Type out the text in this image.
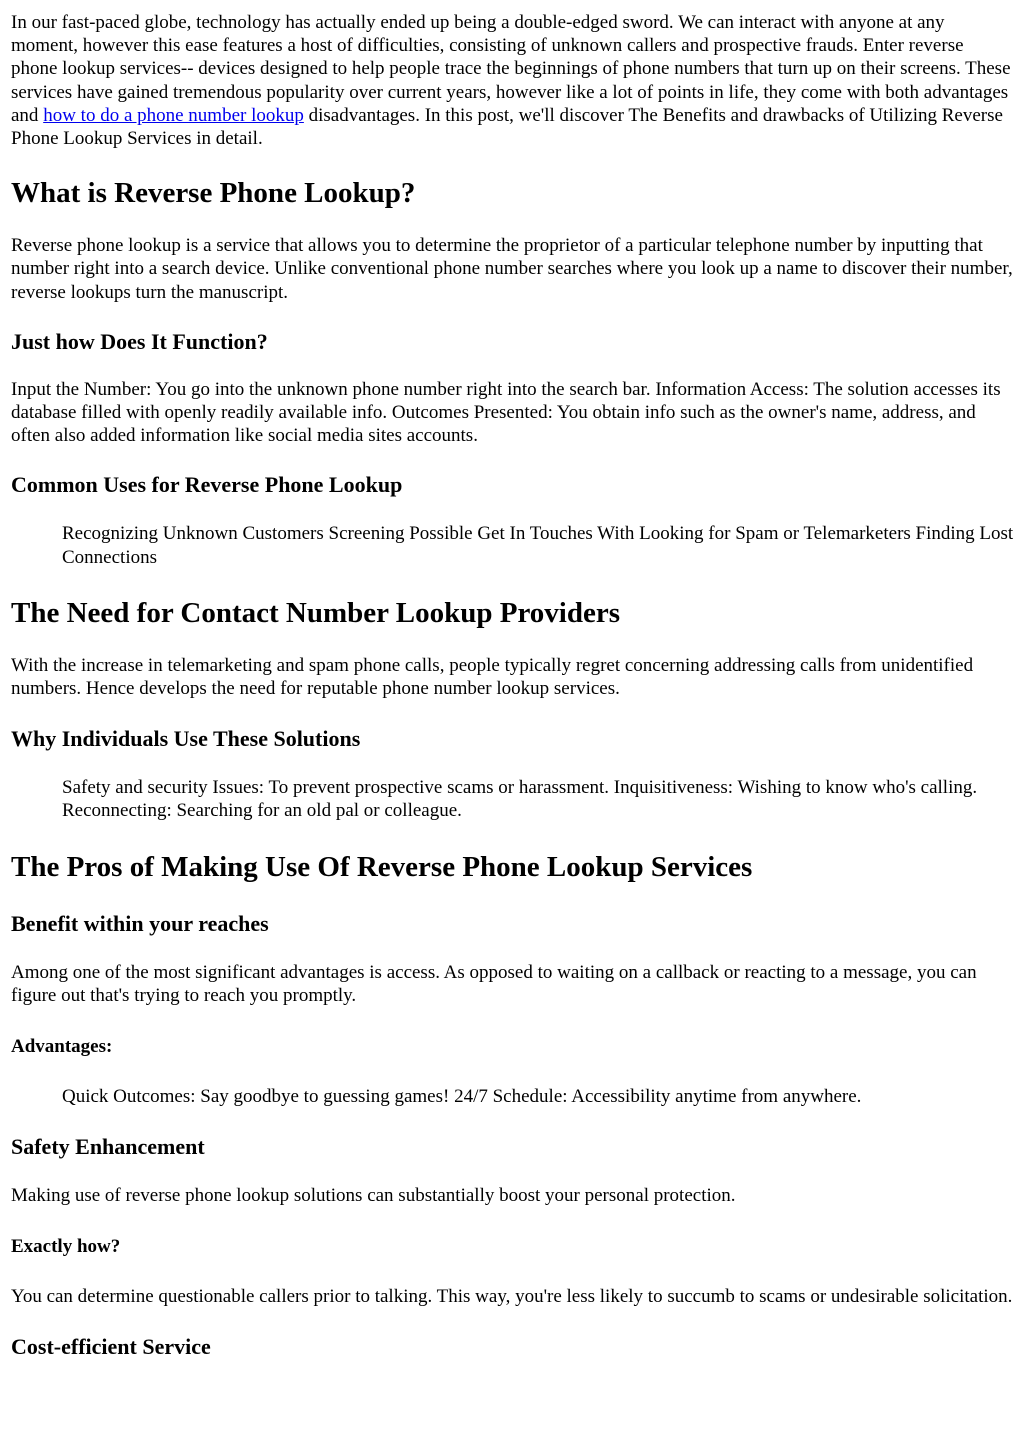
In our fast-paced globe, technology has actually ended up being a double-edged sword. We can interact with anyone at any moment, however this ease features a host of difficulties, consisting of unknown callers and prospective frauds. Enter reverse phone lookup services-- devices designed to help people trace the beginnings of phone numbers that turn up on their screens. These services have gained tremendous popularity over current years, however like a lot of points in life, they come with both advantages and how to do a phone number lookup disadvantages. In this post, we'll discover The Benefits and drawbacks of Utilizing Reverse Phone Lookup Services in detail.

What is Reverse Phone Lookup?

Reverse phone lookup is a service that allows you to determine the proprietor of a particular telephone number by inputting that number right into a search device. Unlike conventional phone number searches where you look up a name to discover their number, reverse lookups turn the manuscript.

Just how Does It Function?

Input the Number: You go into the unknown phone number right into the search bar. Information Access: The solution accesses its database filled with openly readily available info. Outcomes Presented: You obtain info such as the owner's name, address, and often also added information like social media sites accounts.

Common Uses for Reverse Phone Lookup

Recognizing Unknown Customers Screening Possible Get In Touches With Looking for Spam or Telemarketers Finding Lost Connections

The Need for Contact Number Lookup Providers

With the increase in telemarketing and spam phone calls, people typically regret concerning addressing calls from unidentified numbers. Hence develops the need for reputable phone number lookup services.

Why Individuals Use These Solutions

Safety and security Issues: To prevent prospective scams or harassment. Inquisitiveness: Wishing to know who's calling. Reconnecting: Searching for an old pal or colleague.

The Pros of Making Use Of Reverse Phone Lookup Services
Benefit within your reaches

Among one of the most significant advantages is access. As opposed to waiting on a callback or reacting to a message, you can figure out that's trying to reach you promptly.

Advantages:

Quick Outcomes: Say goodbye to guessing games! 24/7 Schedule: Accessibility anytime from anywhere.

Safety Enhancement

Making use of reverse phone lookup solutions can substantially boost your personal protection.

Exactly how?

You can determine questionable callers prior to talking. This way, you're less likely to succumb to scams or undesirable solicitation.

Cost-efficient Service
